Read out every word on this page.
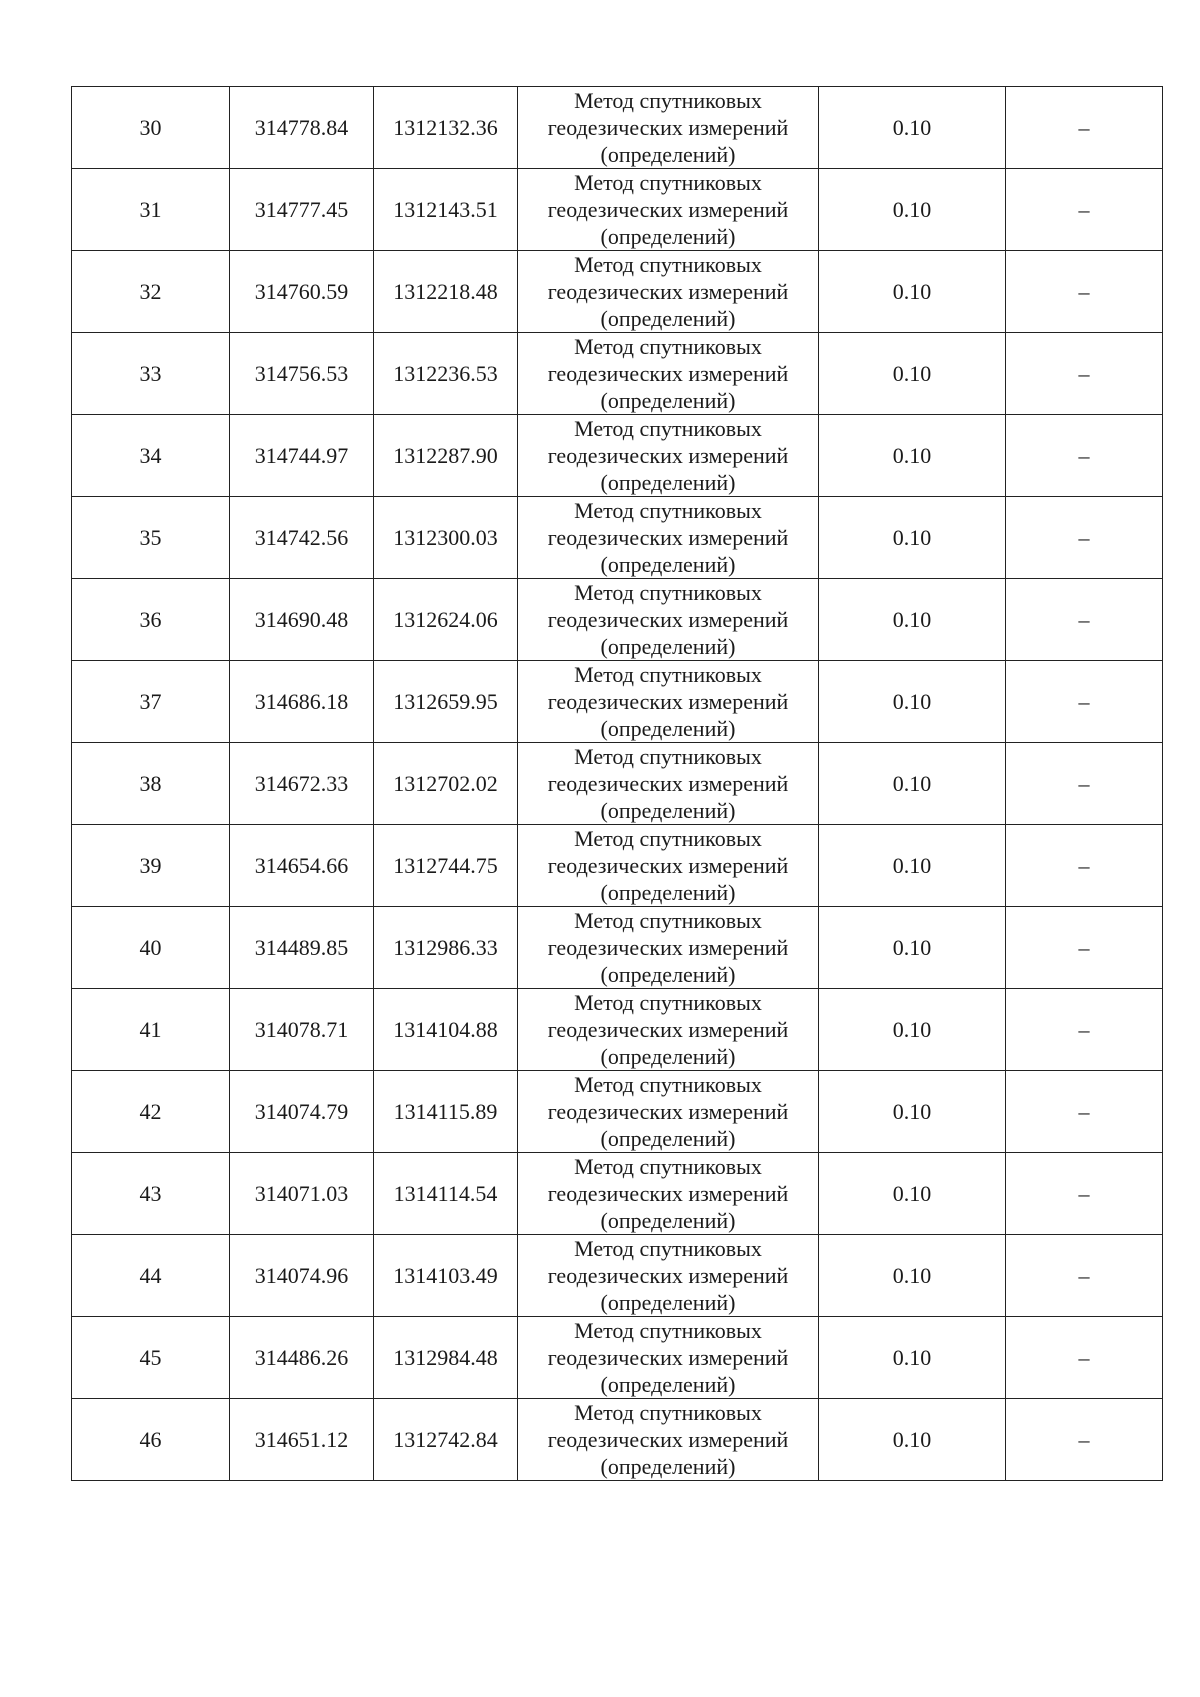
30	314778.84	1312132.36	Метод спутниковых
геодезических измерений
(определений)	0.10	–
31	314777.45	1312143.51	Метод спутниковых
геодезических измерений
(определений)	0.10	–
32	314760.59	1312218.48	Метод спутниковых
геодезических измерений
(определений)	0.10	–
33	314756.53	1312236.53	Метод спутниковых
геодезических измерений
(определений)	0.10	–
34	314744.97	1312287.90	Метод спутниковых
геодезических измерений
(определений)	0.10	–
35	314742.56	1312300.03	Метод спутниковых
геодезических измерений
(определений)	0.10	–
36	314690.48	1312624.06	Метод спутниковых
геодезических измерений
(определений)	0.10	–
37	314686.18	1312659.95	Метод спутниковых
геодезических измерений
(определений)	0.10	–
38	314672.33	1312702.02	Метод спутниковых
геодезических измерений
(определений)	0.10	–
39	314654.66	1312744.75	Метод спутниковых
геодезических измерений
(определений)	0.10	–
40	314489.85	1312986.33	Метод спутниковых
геодезических измерений
(определений)	0.10	–
41	314078.71	1314104.88	Метод спутниковых
геодезических измерений
(определений)	0.10	–
42	314074.79	1314115.89	Метод спутниковых
геодезических измерений
(определений)	0.10	–
43	314071.03	1314114.54	Метод спутниковых
геодезических измерений
(определений)	0.10	–
44	314074.96	1314103.49	Метод спутниковых
геодезических измерений
(определений)	0.10	–
45	314486.26	1312984.48	Метод спутниковых
геодезических измерений
(определений)	0.10	–
46	314651.12	1312742.84	Метод спутниковых
геодезических измерений
(определений)	0.10	–
